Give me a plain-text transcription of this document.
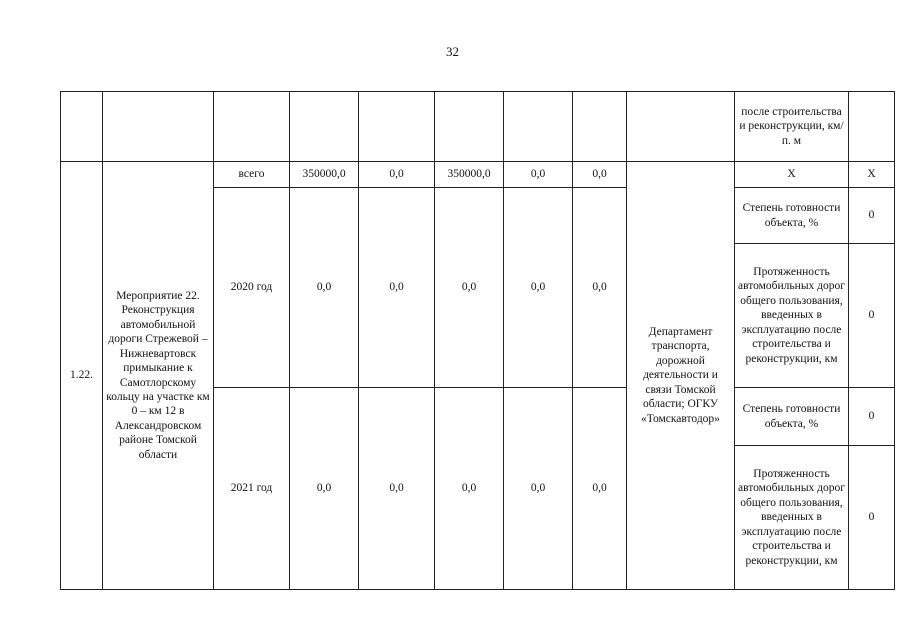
32
									после строительства и реконструкции, км/п. м	
1.22.	Мероприятие 22. Реконструкция автомобильной дороги Стрежевой – Нижневартовск примыкание к Самотлорскому кольцу на участке км 0 – км 12 в Александровском районе Томской области	всего	350000,0	0,0	350000,0	0,0	0,0	Департамент транспорта, дорожной деятельности и связи Томской области; ОГКУ «Томскавтодор»	Х	Х
		2020 год	0,0	0,0	0,0	0,0	0,0		Степень готовности объекта, %	0
									Протяженность автомобильных дорог общего пользования, введенных в эксплуатацию после строительства и реконструкции, км	0
		2021 год	0,0	0,0	0,0	0,0	0,0		Степень готовности объекта, %	0
									Протяженность автомобильных дорог общего пользования, введенных в эксплуатацию после строительства и реконструкции, км	0
